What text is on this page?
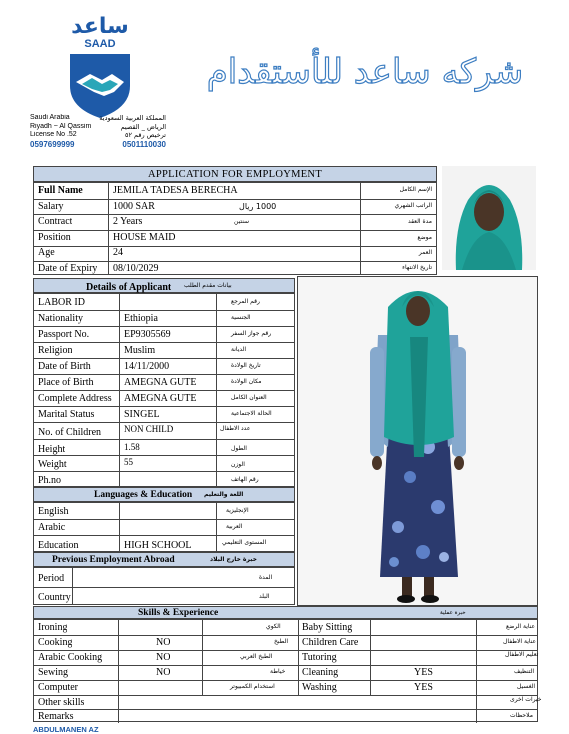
ساعد
SAAD
Saudi Arabia
Riyadh ~ Al Qassim
License No .52
0597699999
المملكة العربية السعودية
الرياض _ القصيم
ترخيص رقم ٥٢
0501110030
شركه ساعد للأستقدام
APPLICATION FOR EMPLOYMENT
Full Name	JEMILA TADESA BERECHA	الإسم الكامل
Salary	1000 SAR	1000 ريال	الراتب الشهري
Contract	2 Years	سنتين	مدة العقد
Position	HOUSE MAID	موضع
Age	24	العمر
Date of Expiry 08/10/2029	تاريخ الانتهاء
Details of Applicant بيانات مقدم الطلب
LABOR ID	رقم المرجع
Nationality	Ethiopia	الجنسية
Passport No.	EP9305569	رقم جواز السفر
Religion	Muslim	الديانة
Date of Birth	14/11/2000	تاريخ الولادة
Place of Birth	AMEGNA GUTE	مكان الولادة
Complete Address AMEGNA GUTE	العنوان الكامل
Marital Status	SINGEL	الحالة الاجتماعية
No. of Children	NON CHILD	عدد الاطفال
Height	1.58	الطول
Weight	55	الوزن
Ph.no	رقم الهاتف
Languages & Education اللغة والتعليم
English	الإنجليزية
Arabic	العربية
Education	HIGH SCHOOL	المستوى التعليمي
Previous Employment Abroad	خبرة خارج البلاد
Period	المدة
Country	البلد
Skills & Experience	خبرة عملية
Ironing	الكوي Baby Sitting	عناية الرضع
Cooking	NO	الطبخ Children Care	عناية الاطفال
Arabic Cooking	NO	الطبخ العربي	Tutoring	تعليم الاطفال
Sewing	NO	خياطة Cleaning	YES	التنظيف
Computer	استخدام الكمبيوتر	Washing	YES	الغسيل
Other skills	خبرات اخرى
Remarks	ملاحظات
ABDULMANEN AZ
